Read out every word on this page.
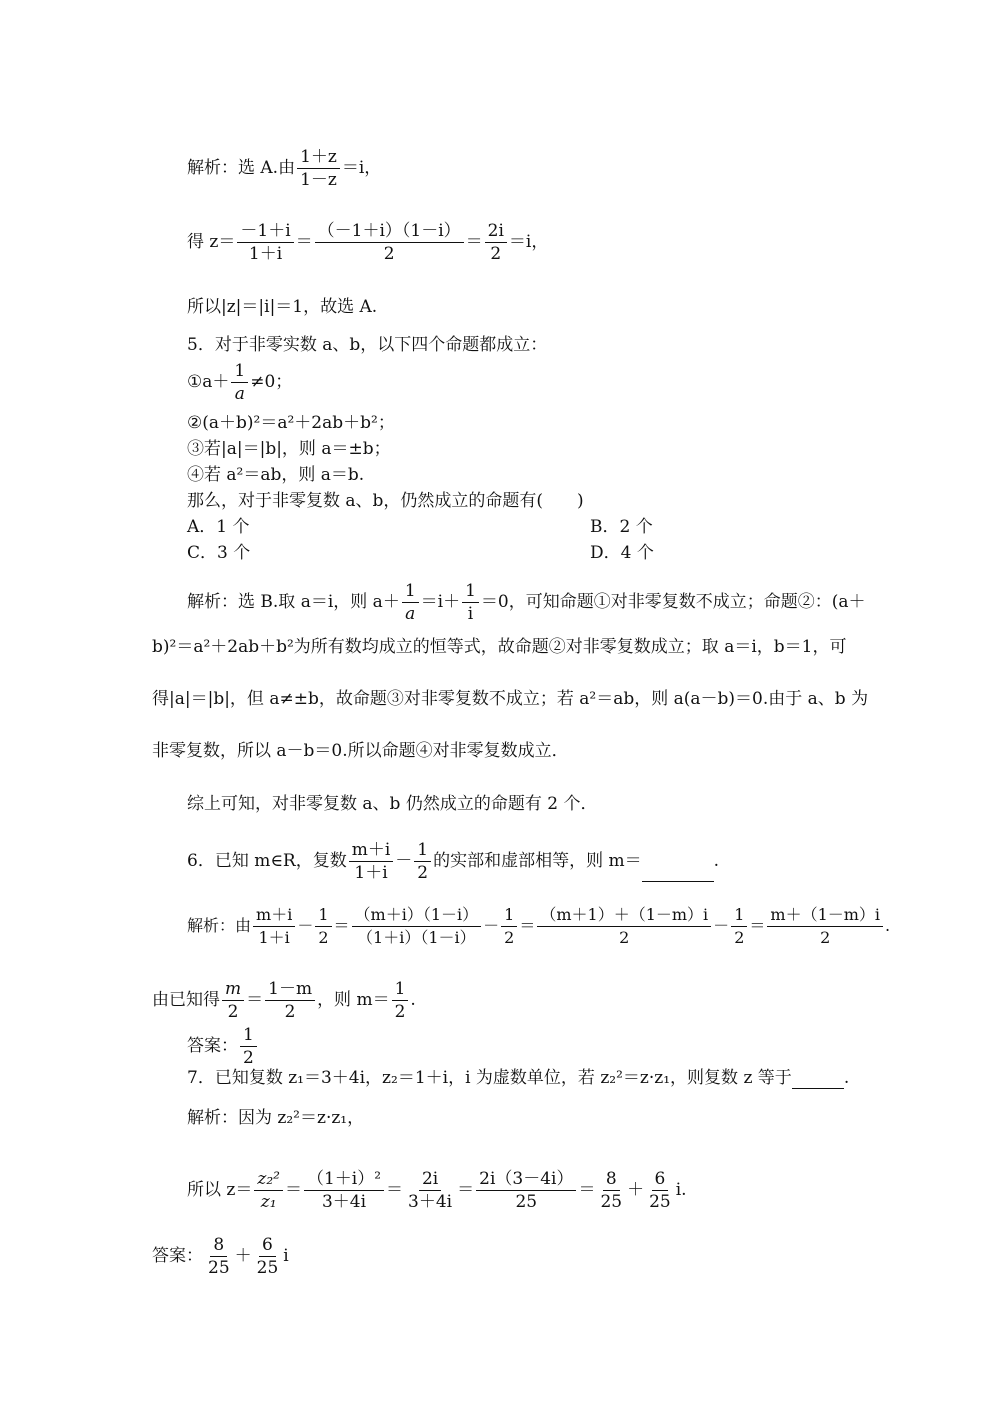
解析：选 A.由 $\frac{1+z}{1-z} =i$，
得 $z= \frac{-1+i}{1+i} = \frac{(-1+i)(1-i)}{2} = \frac{2i}{2} =i$，
所以|z|＝|i|＝1，故选 A.
5．对于非零实数 a、b，以下四个命题都成立：
①a＋ $\frac{1}{a} \ne 0$；
②(a＋b)²＝a²＋2ab＋b²；
③若|a|＝|b|，则 a＝±b；
④若 a²＝ab，则 a＝b.
那么，对于非零复数 a、b，仍然成立的命题有(　　)
A．1 个	B．2 个
C．3 个	D．4 个
解析：选 B.取 a＝i，则 $a+ \frac{1}{a} =i+ \frac{1}{i} =0$，可知命题①对非零复数不成立；命题②：(a＋
b)²＝a²＋2ab＋b²为所有数均成立的恒等式，故命题②对非零复数成立；取 a＝i，b＝1，可
得|a|＝|b|，但 a≠±b，故命题③对非零复数不成立；若 a²＝ab，则 a(a－b)＝0.由于 a、b 为
非零复数，所以 a－b＝0.所以命题④对非零复数成立．
综上可知，对非零复数 a、b 仍然成立的命题有 2 个．
6．已知 m∈R，复数 $\frac{m+i}{1+i} - \frac{1}{2}$ 的实部和虚部相等，则 m＝	.
解析：由 $\frac{m+i}{1+i} - \frac{1}{2} = \frac{(m+i)(1-i)}{(1+i)(1-i)} - \frac{1}{2} = \frac{(m+1)+(1-m)i}{2} - \frac{1}{2} = \frac{m+(1-m)i}{2}$ .
由已知得 $\frac{m}{2} = \frac{1-m}{2}$ ，则 $m= \frac{1}{2}$ .
答案： $\frac{1}{2}$
7．已知复数 z₁＝3＋4i，z₂＝1＋i，i 为虚数单位，若 z₂²＝z·z₁，则复数 z 等于	.
解析：因为 z₂²＝z·z₁，
所以 $z= \frac{\text{z₂²}}{\text{z₁}} = \frac{\text{（1＋i）²}}{3+4i} = \frac{2i}{3+4i} = \frac{2i(3-4i)}{25} = \frac{8}{25} + \frac{6}{25} i$.
答案： $\frac{8}{25} + \frac{6}{25}$ i
